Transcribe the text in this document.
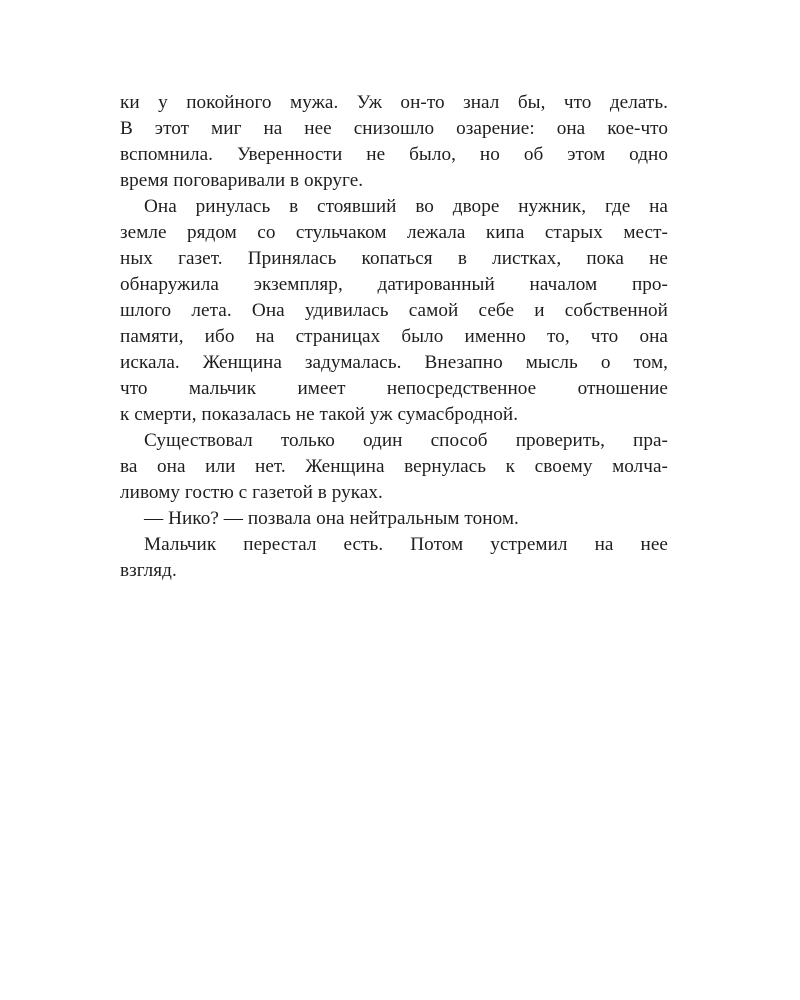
ки у покойного мужа. Уж он-то знал бы, что делать.
В этот миг на нее снизошло озарение: она кое-что
вспомнила. Уверенности не было, но об этом одно
время поговаривали в округе.

Она ринулась в стоявший во дворе нужник, где на
земле рядом со стульчаком лежала кипа старых мест-
ных газет. Принялась копаться в листках, пока не
обнаружила экземпляр, датированный началом про-
шлого лета. Она удивилась самой себе и собственной
памяти, ибо на страницах было именно то, что она
искала. Женщина задумалась. Внезапно мысль о том,
что мальчик имеет непосредственное отношение
к смерти, показалась не такой уж сумасбродной.

Существовал только один способ проверить, пра-
ва она или нет. Женщина вернулась к своему молча-
ливому гостю с газетой в руках.

— Нико? — позвала она нейтральным тоном.

Мальчик перестал есть. Потом устремил на нее
взгляд.
